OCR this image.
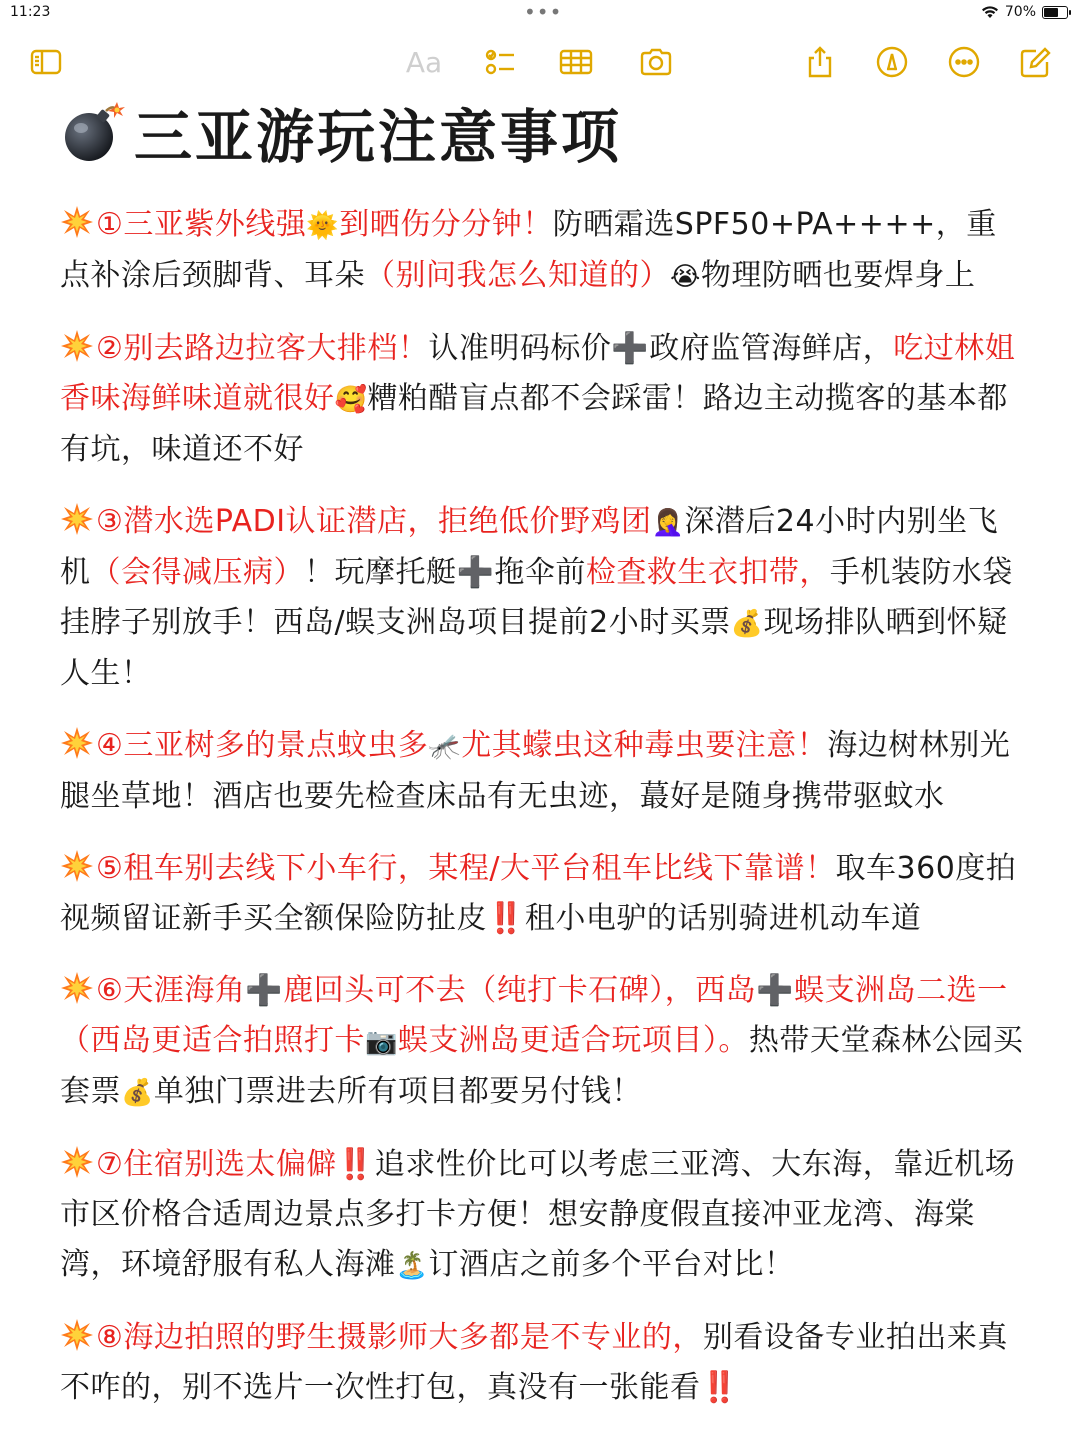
11:23	•••	70%
Aa
三亚游玩注意事项
①三亚紫外线强🌞到晒伤分分钟！防晒霜选SPF50+PA++++，重点补涂后颈脚背、耳朵（别问我怎么知道的）😭物理防晒也要焊身上
②别去路边拉客大排档！认准明码标价➕政府监管海鲜店，吃过林姐香味海鲜味道就很好🥰糟粕醋盲点都不会踩雷！路边主动揽客的基本都有坑，味道还不好
③潜水选PADI认证潜店，拒绝低价野鸡团🤦‍♀️深潜后24小时内别坐飞机（会得减压病）！玩摩托艇➕拖伞前检查救生衣扣带，手机装防水袋挂脖子别放手！西岛/蜈支洲岛项目提前2小时买票💰现场排队晒到怀疑人生！
④三亚树多的景点蚊虫多🦟尤其蠓虫这种毒虫要注意！海边树林别光腿坐草地！酒店也要先检查床品有无虫迹，蕞好是随身携带驱蚊水
⑤租车别去线下小车行，某程/大平台租车比线下靠谱！取车360度拍视频留证新手买全额保险防扯皮‼️租小电驴的话别骑进机动车道
⑥天涯海角➕鹿回头可不去（纯打卡石碑），西岛➕蜈支洲岛二选一（西岛更适合拍照打卡📷蜈支洲岛更适合玩项目）。热带天堂森林公园买套票💰单独门票进去所有项目都要另付钱！
⑦住宿别选太偏僻‼️追求性价比可以考虑三亚湾、大东海，靠近机场市区价格合适周边景点多打卡方便！想安静度假直接冲亚龙湾、海棠湾，环境舒服有私人海滩🏝️订酒店之前多个平台对比！
⑧海边拍照的野生摄影师大多都是不专业的，别看设备专业拍出来真不咋的，别不选片一次性打包，真没有一张能看‼️
